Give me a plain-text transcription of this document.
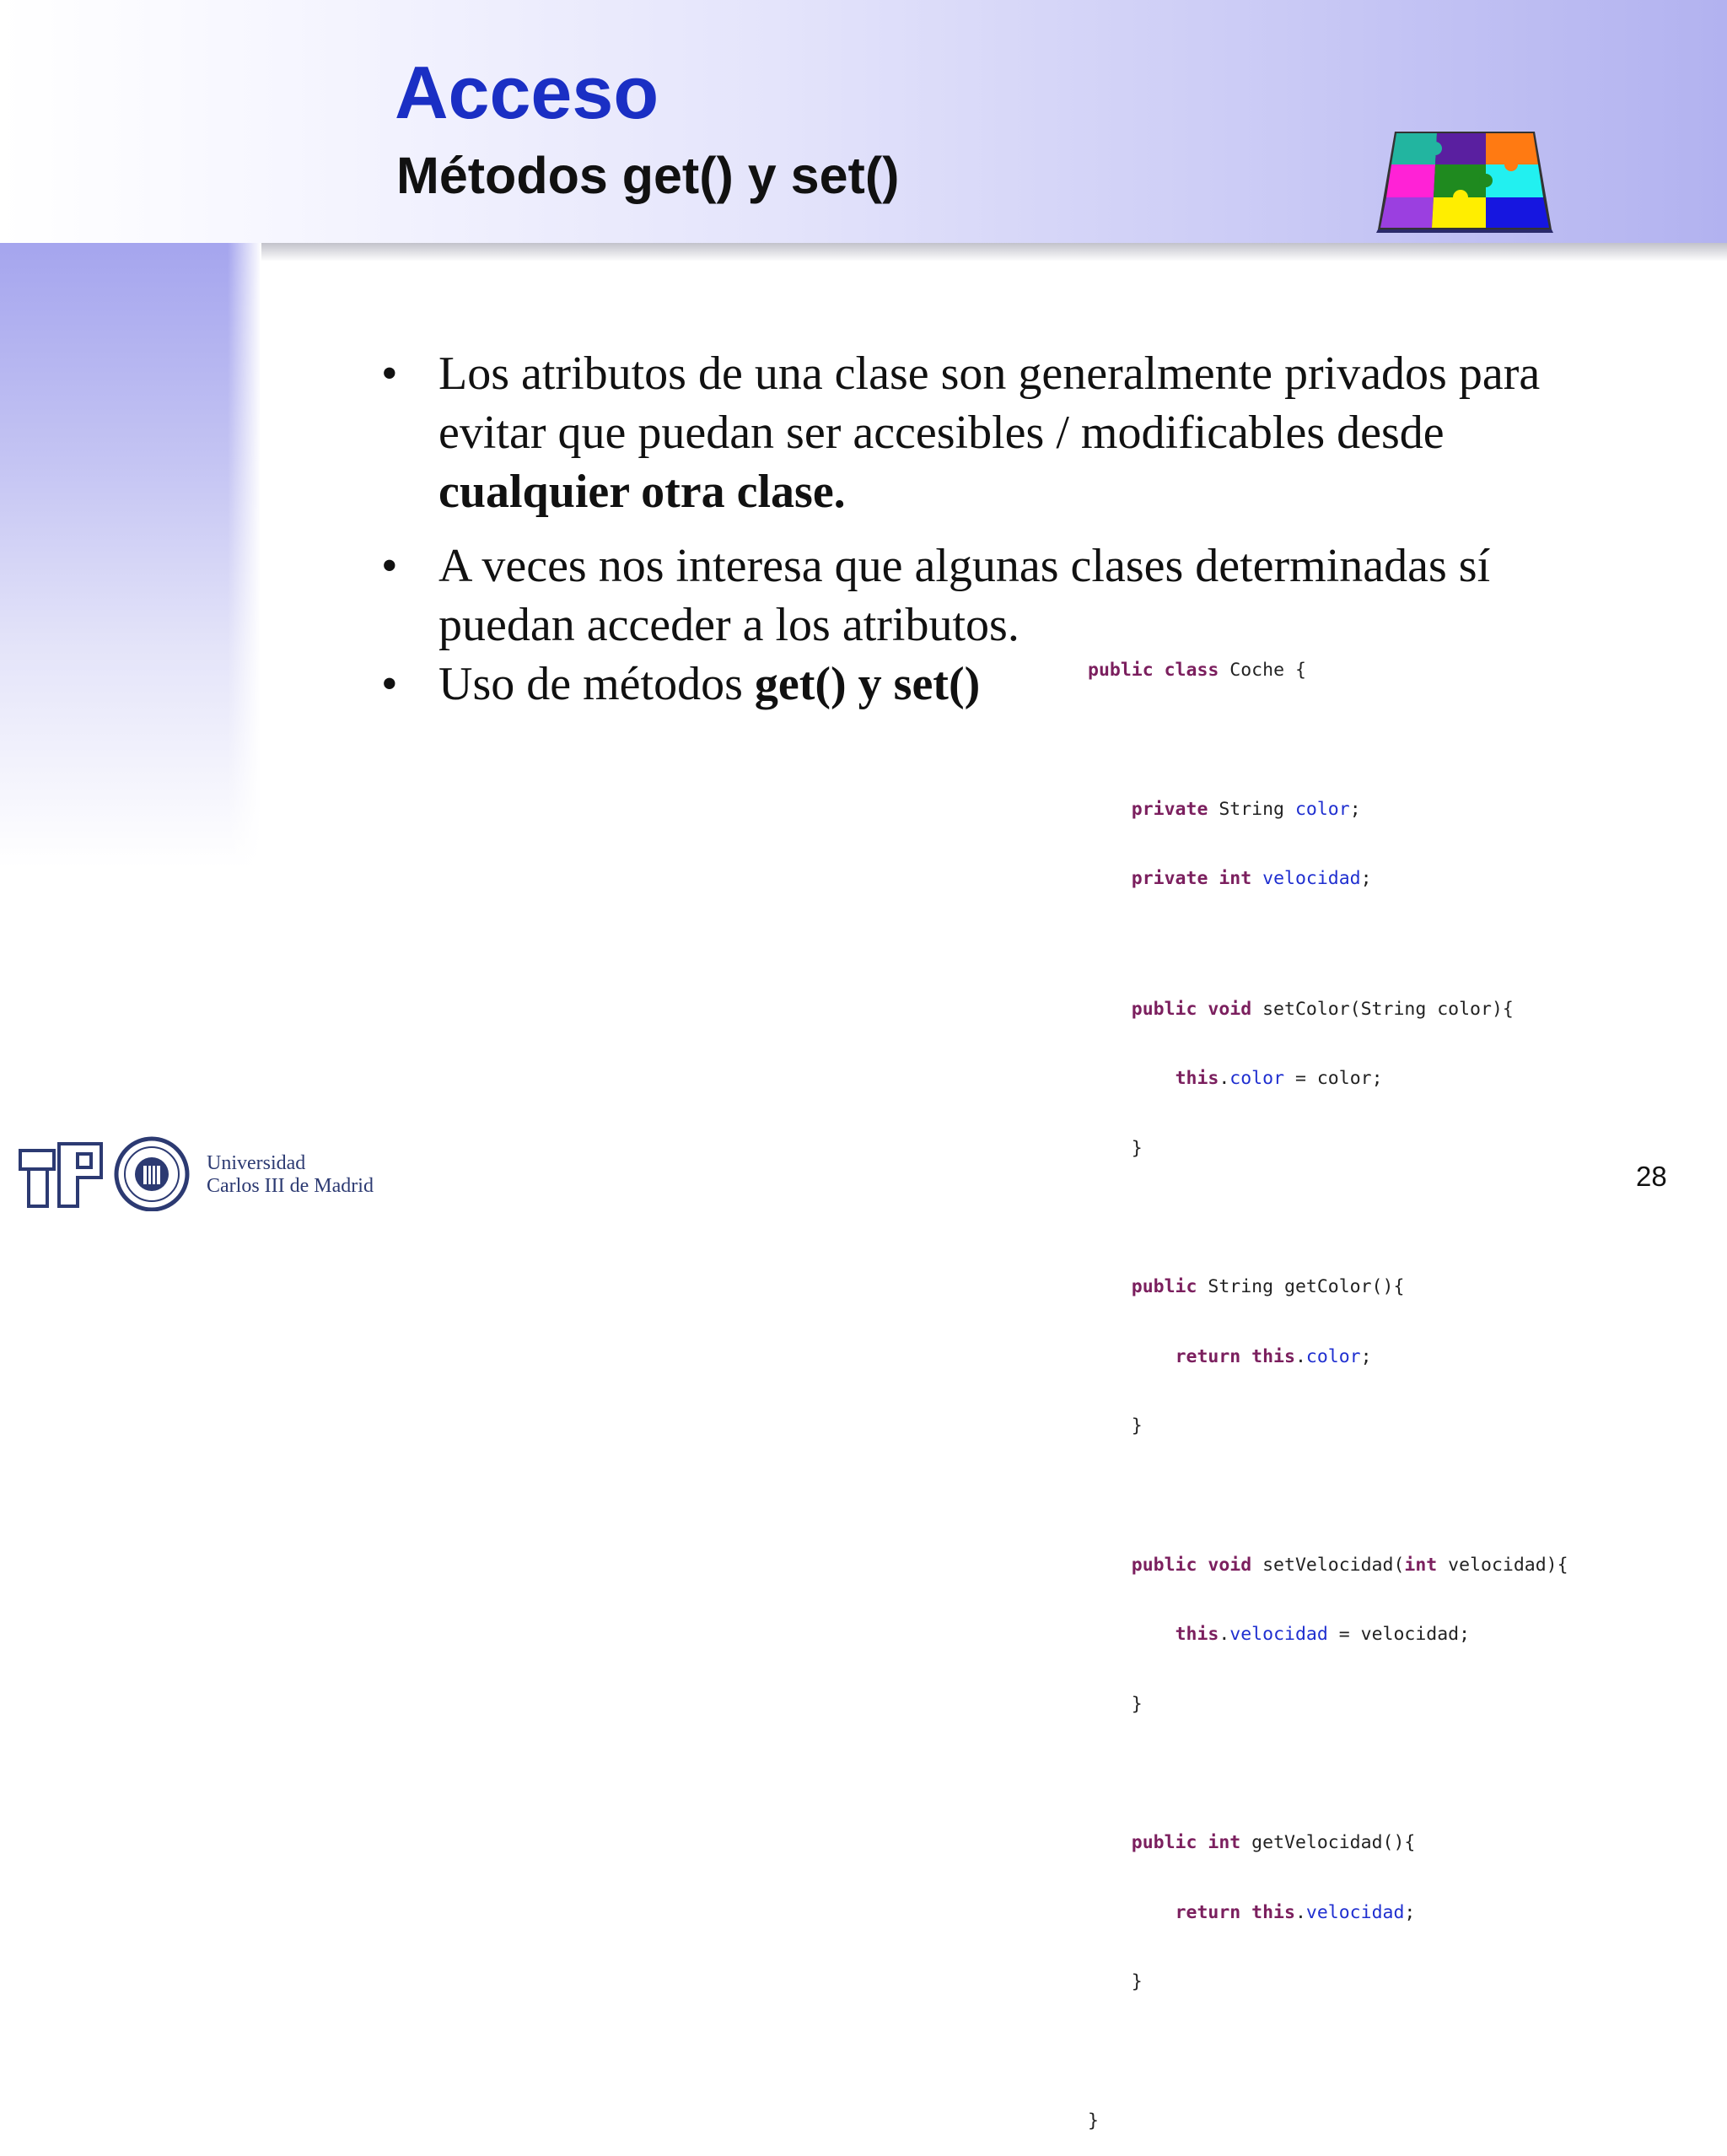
Acceso
Métodos get() y set()
• Los atributos de una clase son generalmente privados para evitar que puedan ser accesibles / modificables desde cualquier otra clase.
• A veces nos interesa que algunas clases determinadas sí puedan acceder a los atributos.
• Uso de métodos get() y set()

	public class Coche {

private String color;

private int velocidad;

public void setColor(String color){

this.color = color;

}

public String getColor(){

return this.color;

}

public void setVelocidad(int velocidad){

this.velocidad = velocidad;

}

public int getVelocidad(){

return this.velocidad;

}

}

Universidad
Carlos III de Madrid	28
